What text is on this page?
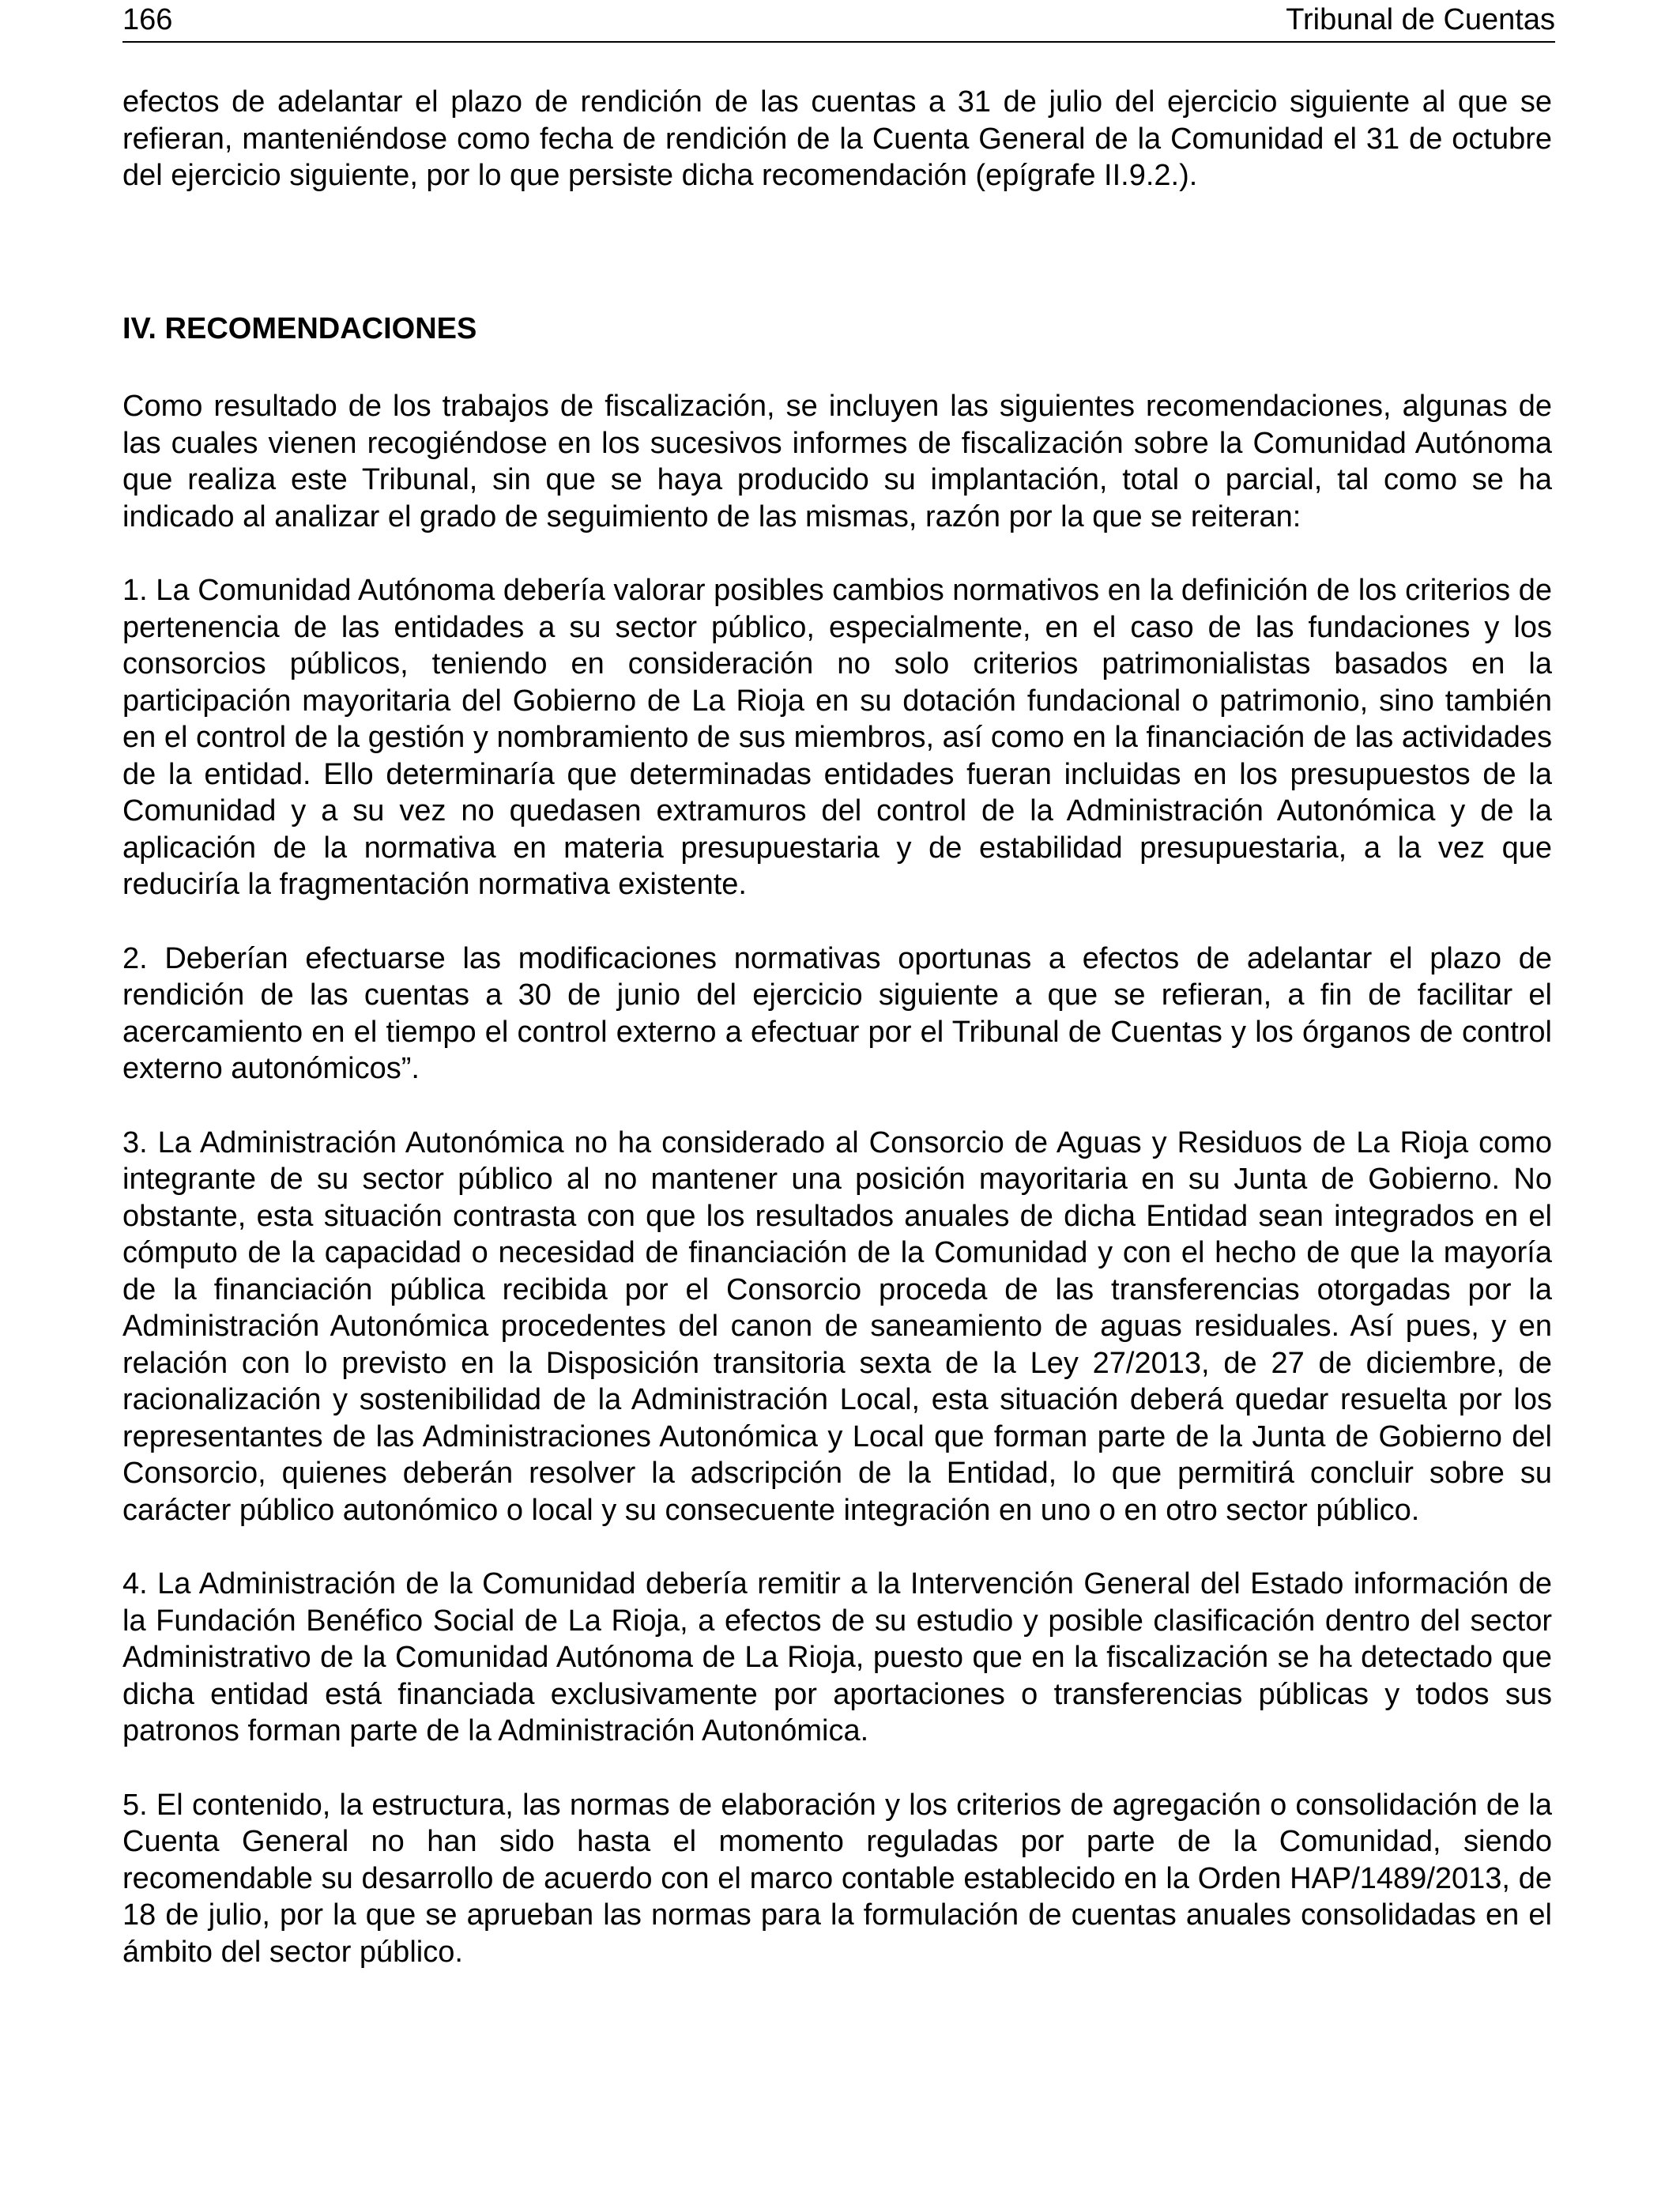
166	Tribunal de Cuentas

efectos de adelantar el plazo de rendición de las cuentas a 31 de julio del ejercicio siguiente al que se refieran, manteniéndose como fecha de rendición de la Cuenta General de la Comunidad el 31 de octubre del ejercicio siguiente, por lo que persiste dicha recomendación (epígrafe II.9.2.).

IV. RECOMENDACIONES

Como resultado de los trabajos de fiscalización, se incluyen las siguientes recomendaciones, algunas de las cuales vienen recogiéndose en los sucesivos informes de fiscalización sobre la Comunidad Autónoma que realiza este Tribunal, sin que se haya producido su implantación, total o parcial, tal como se ha indicado al analizar el grado de seguimiento de las mismas, razón por la que se reiteran:

1. La Comunidad Autónoma debería valorar posibles cambios normativos en la definición de los criterios de pertenencia de las entidades a su sector público, especialmente, en el caso de las fundaciones y los consorcios públicos, teniendo en consideración no solo criterios patrimonialistas basados en la participación mayoritaria del Gobierno de La Rioja en su dotación fundacional o patrimonio, sino también en el control de la gestión y nombramiento de sus miembros, así como en la financiación de las actividades de la entidad. Ello determinaría que determinadas entidades fueran incluidas en los presupuestos de la Comunidad y a su vez no quedasen extramuros del control de la Administración Autonómica y de la aplicación de la normativa en materia presupuestaria y de estabilidad presupuestaria, a la vez que reduciría la fragmentación normativa existente.

2. Deberían efectuarse las modificaciones normativas oportunas a efectos de adelantar el plazo de rendición de las cuentas a 30 de junio del ejercicio siguiente a que se refieran, a fin de facilitar el acercamiento en el tiempo el control externo a efectuar por el Tribunal de Cuentas y los órganos de control externo autonómicos”.

3. La Administración Autonómica no ha considerado al Consorcio de Aguas y Residuos de La Rioja como integrante de su sector público al no mantener una posición mayoritaria en su Junta de Gobierno. No obstante, esta situación contrasta con que los resultados anuales de dicha Entidad sean integrados en el cómputo de la capacidad o necesidad de financiación de la Comunidad y con el hecho de que la mayoría de la financiación pública recibida por el Consorcio proceda de las transferencias otorgadas por la Administración Autonómica procedentes del canon de saneamiento de aguas residuales. Así pues, y en relación con lo previsto en la Disposición transitoria sexta de la Ley 27/2013, de 27 de diciembre, de racionalización y sostenibilidad de la Administración Local, esta situación deberá quedar resuelta por los representantes de las Administraciones Autonómica y Local que forman parte de la Junta de Gobierno del Consorcio, quienes deberán resolver la adscripción de la Entidad, lo que permitirá concluir sobre su carácter público autonómico o local y su consecuente integración en uno o en otro sector público.

4. La Administración de la Comunidad debería remitir a la Intervención General del Estado información de la Fundación Benéfico Social de La Rioja, a efectos de su estudio y posible clasificación dentro del sector Administrativo de la Comunidad Autónoma de La Rioja, puesto que en la fiscalización se ha detectado que dicha entidad está financiada exclusivamente por aportaciones o transferencias públicas y todos sus patronos forman parte de la Administración Autonómica.

5. El contenido, la estructura, las normas de elaboración y los criterios de agregación o consolidación de la Cuenta General no han sido hasta el momento reguladas por parte de la Comunidad, siendo recomendable su desarrollo de acuerdo con el marco contable establecido en la Orden HAP/1489/2013, de 18 de julio, por la que se aprueban las normas para la formulación de cuentas anuales consolidadas en el ámbito del sector público.
